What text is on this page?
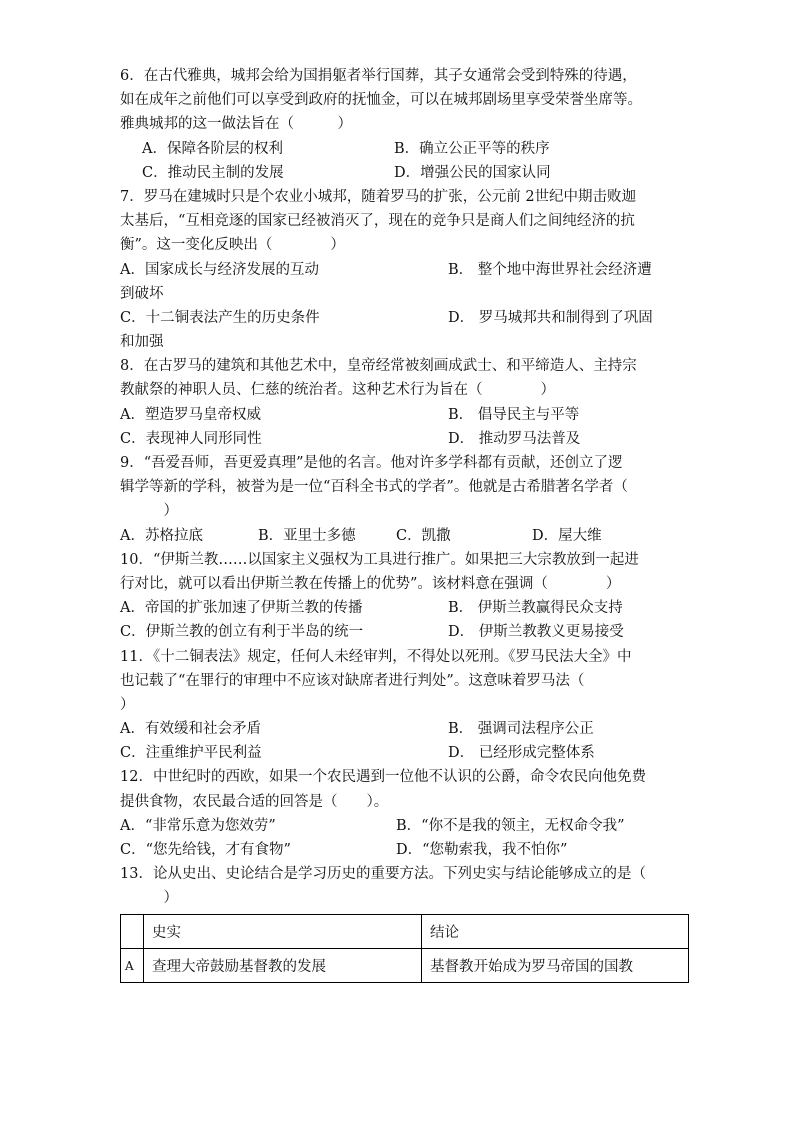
6．在古代雅典，城邦会给为国捐躯者举行国葬，其子女通常会受到特殊的待遇，
如在成年之前他们可以享受到政府的抚恤金，可以在城邦剧场里享受荣誉坐席等。
雅典城邦的这一做法旨在（　　　）
A．保障各阶层的权利	B．确立公正平等的秩序
C．推动民主制的发展	D．增强公民的国家认同
7．罗马在建城时只是个农业小城邦，随着罗马的扩张，公元前 2世纪中期击败迦
太基后，“互相竞逐的国家已经被消灭了，现在的竞争只是商人们之间纯经济的抗
衡”。这一变化反映出（　　　　）
A．国家成长与经济发展的互动	B． 整个地中海世界社会经济遭
到破坏
C．十二铜表法产生的历史条件	D． 罗马城邦共和制得到了巩固
和加强
8．在古罗马的建筑和其他艺术中，皇帝经常被刻画成武士、和平缔造人、主持宗
教献祭的神职人员、仁慈的统治者。这种艺术行为旨在（　　　　）
A．塑造罗马皇帝权威	B． 倡导民主与平等
C．表现神人同形同性	D． 推动罗马法普及
9．“吾爱吾师，吾更爱真理”是他的名言。他对许多学科都有贡献，还创立了逻
辑学等新的学科，被誉为是一位“百科全书式的学者”。他就是古希腊著名学者（
　　　）
A．苏格拉底	B．亚里士多德	C．凯撒	D．屋大维
10．“伊斯兰教……以国家主义强权为工具进行推广。如果把三大宗教放到一起进
行对比，就可以看出伊斯兰教在传播上的优势”。该材料意在强调（　　　　）
A．帝国的扩张加速了伊斯兰教的传播	B． 伊斯兰教赢得民众支持
C．伊斯兰教的创立有利于半岛的统一	D． 伊斯兰教教义更易接受
11．《十二铜表法》规定，任何人未经审判，不得处以死刑。《罗马民法大全》中
也记载了“在罪行的审理中不应该对缺席者进行判处”。这意味着罗马法（
）
A．有效缓和社会矛盾	B． 强调司法程序公正
C．注重维护平民利益	D． 已经形成完整体系
12．中世纪时的西欧，如果一个农民遇到一位他不认识的公爵，命令农民向他免费
提供食物，农民最合适的回答是（　　）。
A．“非常乐意为您效劳”	B．“你不是我的领主，无权命令我”
C．“您先给钱，才有食物”	D．“您勒索我，我不怕你”
13．论从史出、史论结合是学习历史的重要方法。下列史实与结论能够成立的是（
　　　）
	史实	结论
A	查理大帝鼓励基督教的发展	基督教开始成为罗马帝国的国教
